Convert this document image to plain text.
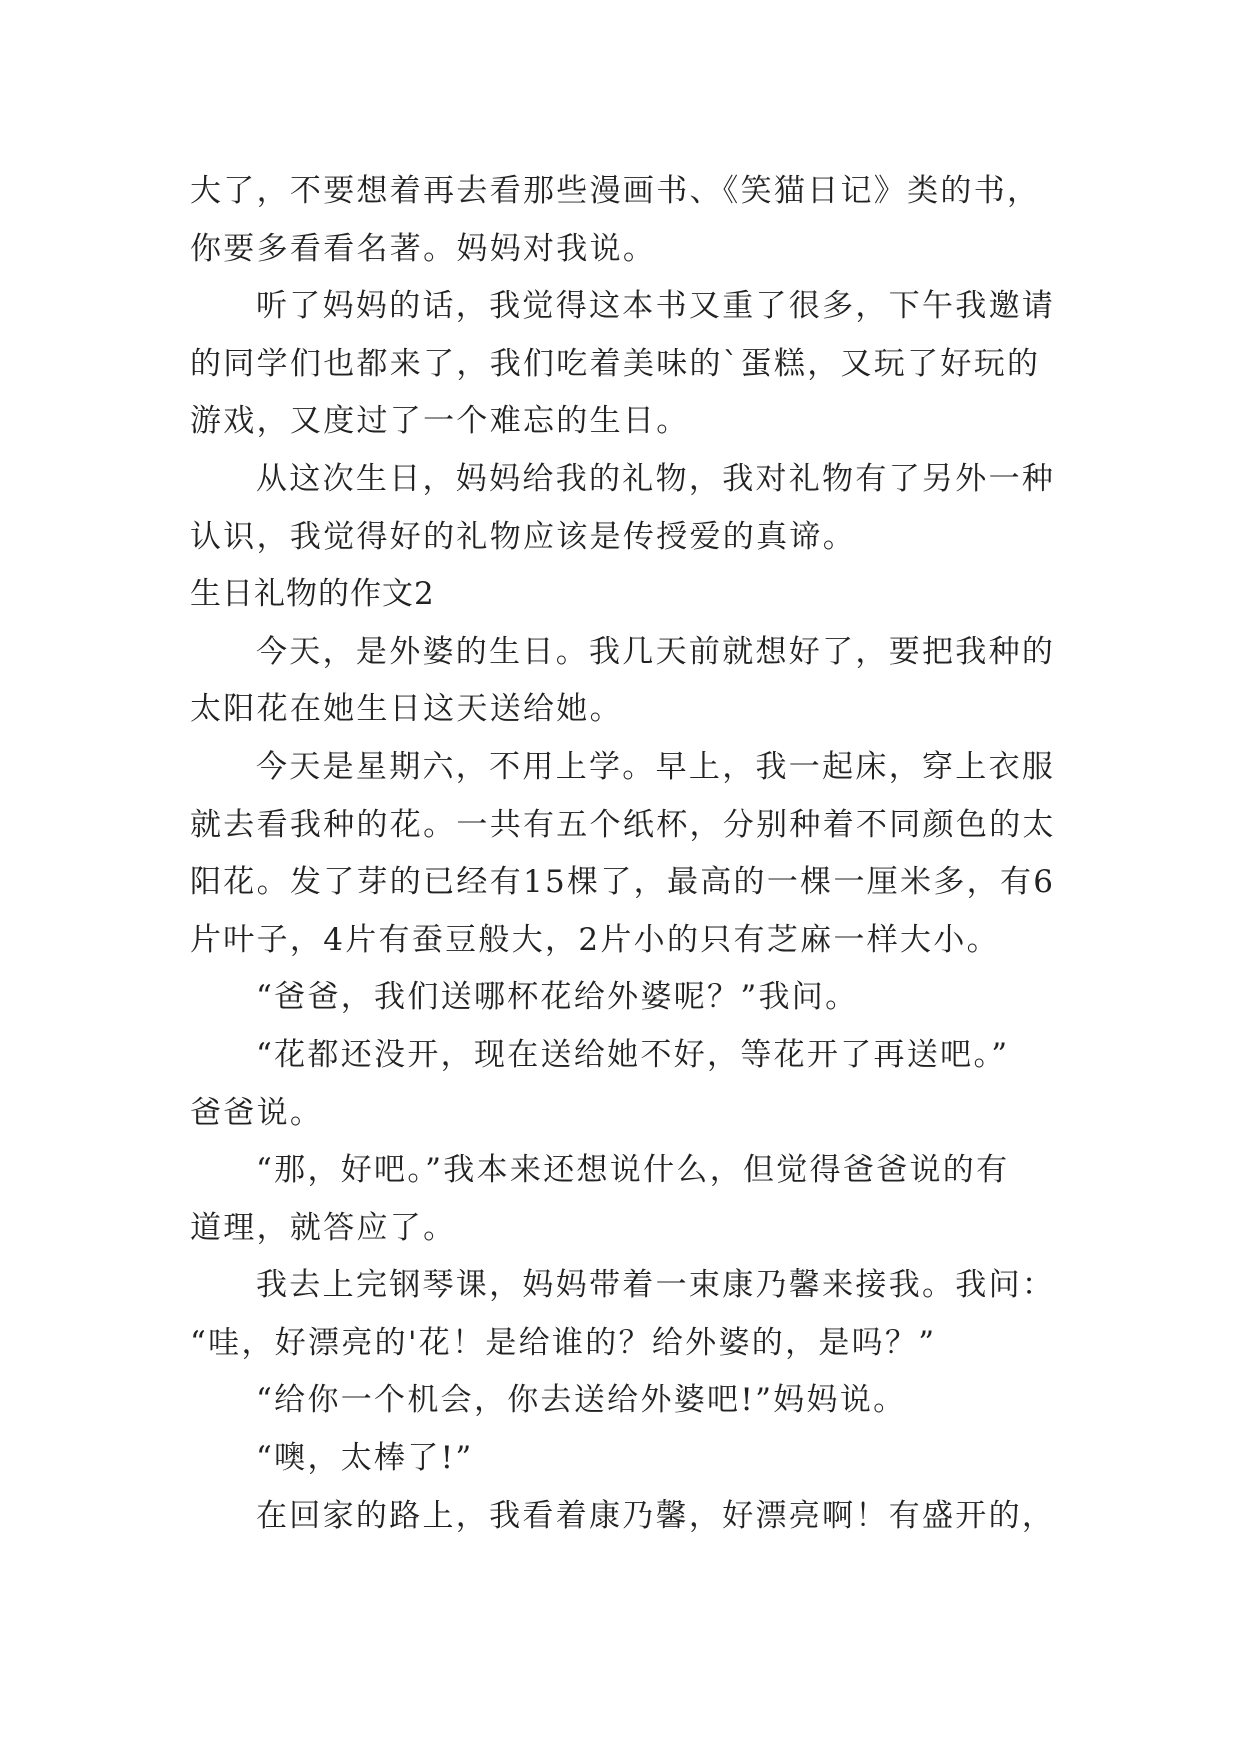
大了，不要想着再去看那些漫画书、《笑猫日记》类的书，
你要多看看名著。妈妈对我说。
听了妈妈的话，我觉得这本书又重了很多，下午我邀请
的同学们也都来了，我们吃着美味的`蛋糕，又玩了好玩的
游戏，又度过了一个难忘的生日。
从这次生日，妈妈给我的礼物，我对礼物有了另外一种
认识，我觉得好的礼物应该是传授爱的真谛。
生日礼物的作文2
今天，是外婆的生日。我几天前就想好了，要把我种的
太阳花在她生日这天送给她。
今天是星期六，不用上学。早上，我一起床，穿上衣服
就去看我种的花。一共有五个纸杯，分别种着不同颜色的太
阳花。发了芽的已经有15棵了，最高的一棵一厘米多，有6
片叶子，4片有蚕豆般大，2片小的只有芝麻一样大小。
“爸爸，我们送哪杯花给外婆呢？”我问。
“花都还没开，现在送给她不好，等花开了再送吧。”
爸爸说。
“那，好吧。”我本来还想说什么，但觉得爸爸说的有
道理，就答应了。
我去上完钢琴课，妈妈带着一束康乃馨来接我。我问：
“哇，好漂亮的'花！是给谁的？给外婆的，是吗？”
“给你一个机会，你去送给外婆吧!”妈妈说。
“噢，太棒了!”
在回家的路上，我看着康乃馨，好漂亮啊！有盛开的，
